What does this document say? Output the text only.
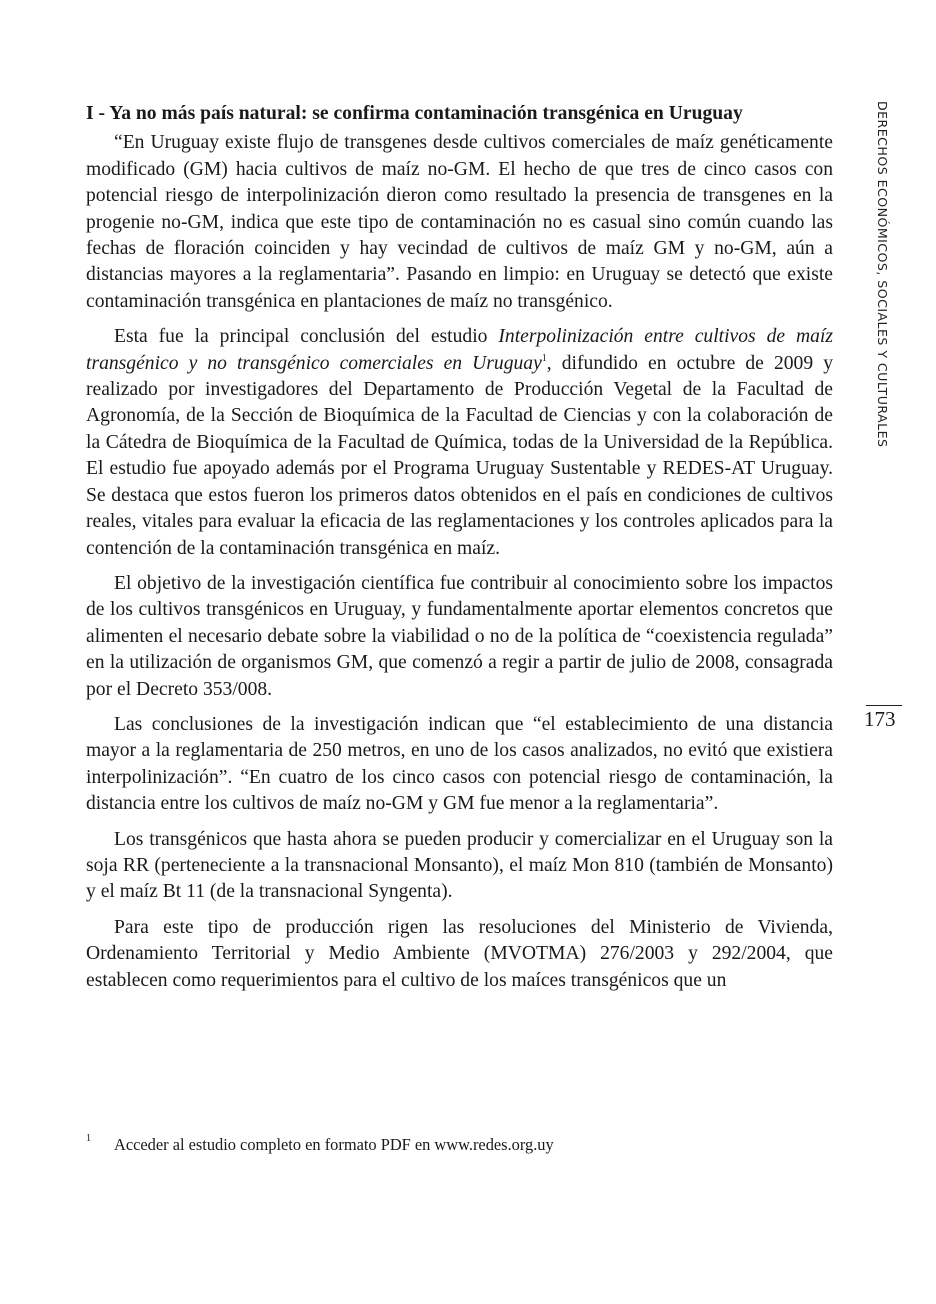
I - Ya no más país natural: se confirma contaminación transgénica en Uruguay

“En Uruguay existe flujo de transgenes desde cultivos comerciales de maíz genéticamente modificado (GM) hacia cultivos de maíz no-GM. El hecho de que tres de cinco casos con potencial riesgo de interpolinización dieron como resultado la presencia de transgenes en la progenie no-GM, indica que este tipo de contaminación no es casual sino común cuando las fechas de floración coinciden y hay vecindad de cultivos de maíz GM y no-GM, aún a distancias mayores a la reglamentaria”. Pasando en limpio: en Uruguay se detectó que existe contaminación transgénica en plantaciones de maíz no transgénico.

Esta fue la principal conclusión del estudio Interpolinización entre cultivos de maíz transgénico y no transgénico comerciales en Uruguay$^1$, difundido en octubre de 2009 y realizado por investigadores del Departamento de Producción Vegetal de la Facultad de Agronomía, de la Sección de Bioquímica de la Facultad de Ciencias y con la colaboración de la Cátedra de Bioquímica de la Facultad de Química, todas de la Universidad de la República. El estudio fue apoyado además por el Programa Uruguay Sustentable y REDES-AT Uruguay. Se destaca que estos fueron los primeros datos obtenidos en el país en condiciones de cultivos reales, vitales para evaluar la eficacia de las reglamentaciones y los controles aplicados para la contención de la contaminación transgénica en maíz.

El objetivo de la investigación científica fue contribuir al conocimiento sobre los impactos de los cultivos transgénicos en Uruguay, y fundamentalmente aportar elementos concretos que alimenten el necesario debate sobre la viabilidad o no de la política de “coexistencia regulada” en la utilización de organismos GM, que comenzó a regir a partir de julio de 2008, consagrada por el Decreto 353/008.

Las conclusiones de la investigación indican que “el establecimiento de una distancia mayor a la reglamentaria de 250 metros, en uno de los casos analizados, no evitó que existiera interpolinización”. “En cuatro de los cinco casos con potencial riesgo de contaminación, la distancia entre los cultivos de maíz no-GM y GM fue menor a la reglamentaria”.

Los transgénicos que hasta ahora se pueden producir y comercializar en el Uruguay son la soja RR (perteneciente a la transnacional Monsanto), el maíz Mon 810 (también de Monsanto) y el maíz Bt 11 (de la transnacional Syngenta).

Para este tipo de producción rigen las resoluciones del Ministerio de Vivienda, Ordenamiento Territorial y Medio Ambiente (MVOTMA) 276/2003 y 292/2004, que establecen como requerimientos para el cultivo de los maíces transgénicos que un

DERECHOS ECONÓMICOS, SOCIALES Y CULTURALES
173
1 Acceder al estudio completo en formato PDF en www.redes.org.uy
